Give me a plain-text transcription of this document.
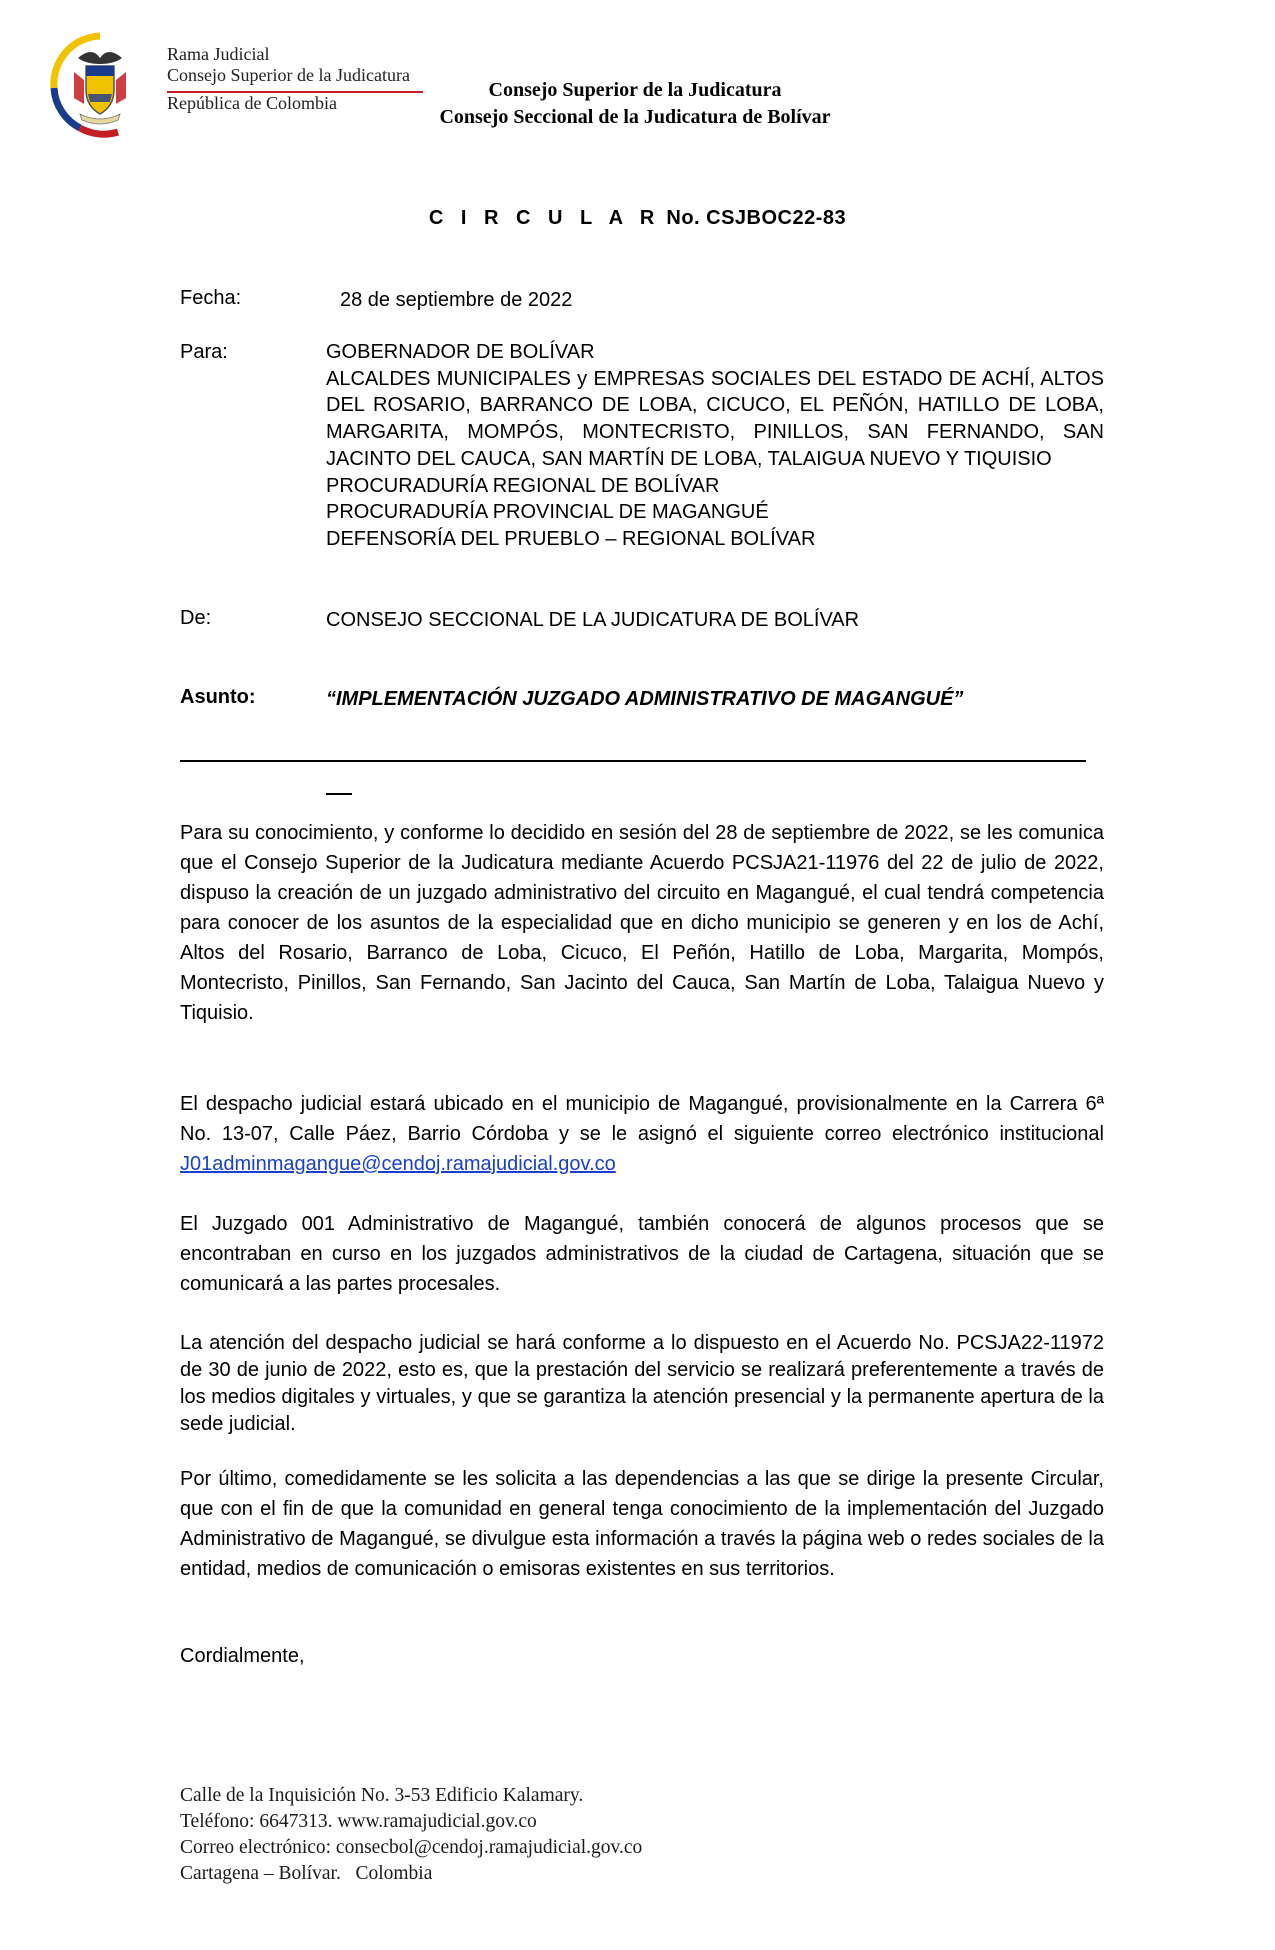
Rama Judicial
Consejo Superior de la Judicatura
República de Colombia
Consejo Superior de la Judicatura
Consejo Seccional de la Judicatura de Bolívar
C I R C U L A R No. CSJBOC22-83
Fecha:	28 de septiembre de 2022
Para:	GOBERNADOR DE BOLÍVAR
ALCALDES MUNICIPALES y EMPRESAS SOCIALES DEL ESTADO DE ACHÍ, ALTOS DEL ROSARIO, BARRANCO DE LOBA, CICUCO, EL PEÑÓN, HATILLO DE LOBA, MARGARITA, MOMPÓS, MONTECRISTO, PINILLOS, SAN FERNANDO, SAN JACINTO DEL CAUCA, SAN MARTÍN DE LOBA, TALAIGUA NUEVO Y TIQUISIO
PROCURADURÍA REGIONAL DE BOLÍVAR
PROCURADURÍA PROVINCIAL DE MAGANGUÉ
DEFENSORÍA DEL PRUEBLO – REGIONAL BOLÍVAR
De:	CONSEJO SECCIONAL DE LA JUDICATURA DE BOLÍVAR
Asunto:	“IMPLEMENTACIÓN JUZGADO ADMINISTRATIVO DE MAGANGUÉ”
Para su conocimiento, y conforme lo decidido en sesión del 28 de septiembre de 2022, se les comunica que el Consejo Superior de la Judicatura mediante Acuerdo PCSJA21-11976 del 22 de julio de 2022, dispuso la creación de un juzgado administrativo del circuito en Magangué, el cual tendrá competencia para conocer de los asuntos de la especialidad que en dicho municipio se generen y en los de Achí, Altos del Rosario, Barranco de Loba, Cicuco, El Peñón, Hatillo de Loba, Margarita, Mompós, Montecristo, Pinillos, San Fernando, San Jacinto del Cauca, San Martín de Loba, Talaigua Nuevo y Tiquisio.
El despacho judicial estará ubicado en el municipio de Magangué, provisionalmente en la Carrera 6ª No. 13-07, Calle Páez, Barrio Córdoba y se le asignó el siguiente correo electrónico institucional J01adminmagangue@cendoj.ramajudicial.gov.co
El Juzgado 001 Administrativo de Magangué, también conocerá de algunos procesos que se encontraban en curso en los juzgados administrativos de la ciudad de Cartagena, situación que se comunicará a las partes procesales.
La atención del despacho judicial se hará conforme a lo dispuesto en el Acuerdo No. PCSJA22-11972 de 30 de junio de 2022, esto es, que la prestación del servicio se realizará preferentemente a través de los medios digitales y virtuales, y que se garantiza la atención presencial y la permanente apertura de la sede judicial.
Por último, comedidamente se les solicita a las dependencias a las que se dirige la presente Circular, que con el fin de que la comunidad en general tenga conocimiento de la implementación del Juzgado Administrativo de Magangué, se divulgue esta información a través la página web o redes sociales de la entidad, medios de comunicación o emisoras existentes en sus territorios.
Cordialmente,
Calle de la Inquisición No. 3-53 Edificio Kalamary.
Teléfono: 6647313. www.ramajudicial.gov.co
Correo electrónico: consecbol@cendoj.ramajudicial.gov.co
Cartagena – Bolívar.   Colombia
